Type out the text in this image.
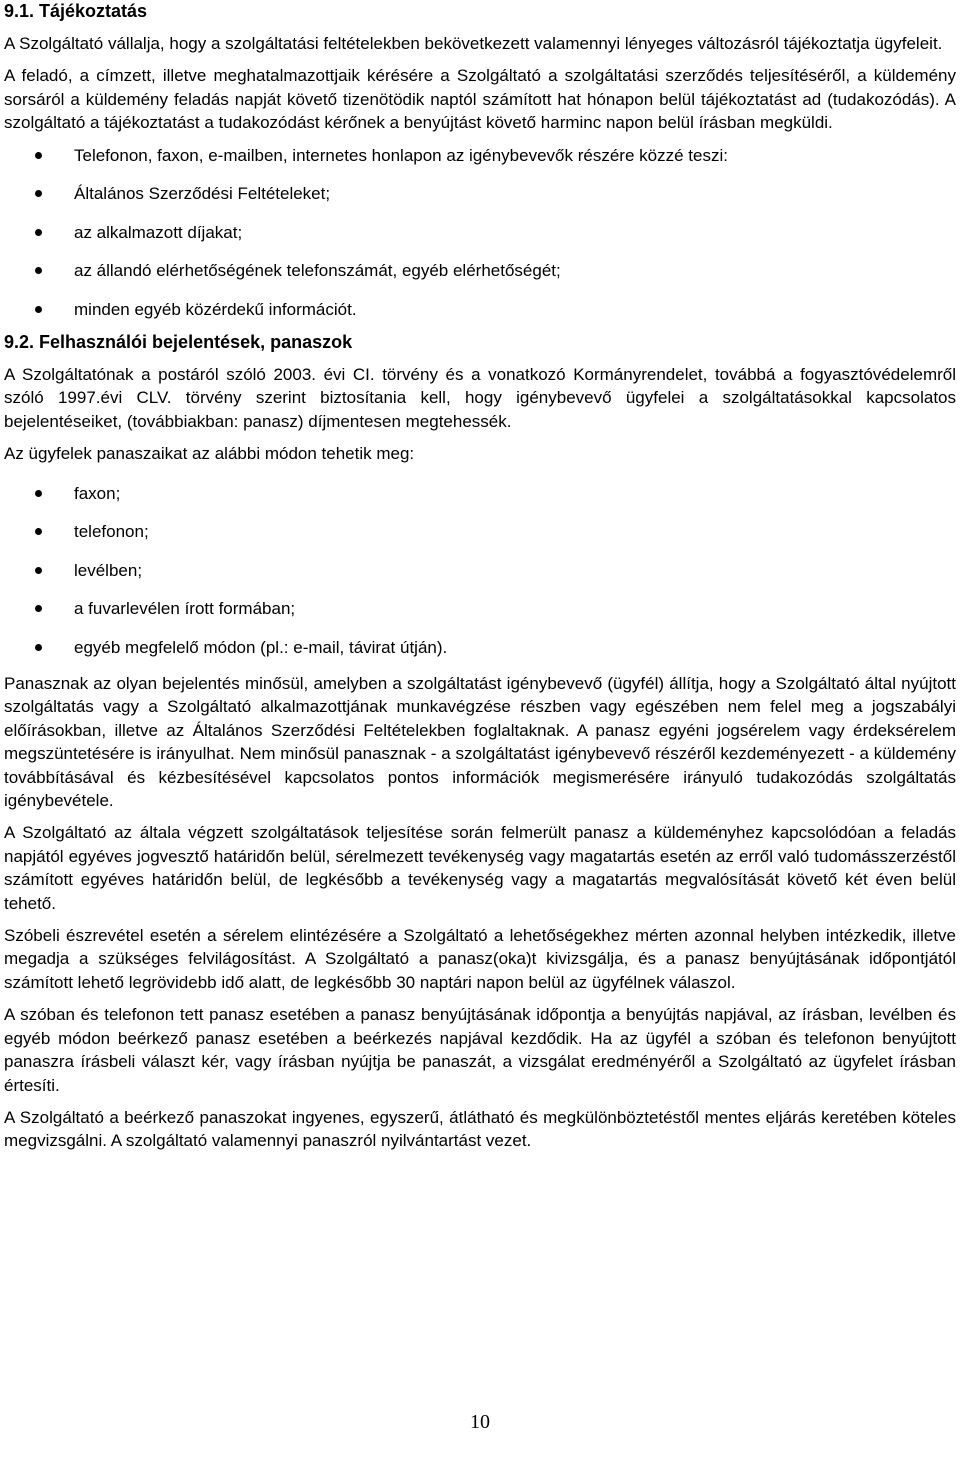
9.1. Tájékoztatás

A Szolgáltató vállalja, hogy a szolgáltatási feltételekben bekövetkezett valamennyi lényeges változásról tájékoztatja ügyfeleit.

A feladó, a címzett, illetve meghatalmazottjaik kérésére a Szolgáltató a szolgáltatási szerződés teljesítéséről, a küldemény sorsáról a küldemény feladás napját követő tizenötödik naptól számított hat hónapon belül tájékoztatást ad (tudakozódás). A szolgáltató a tájékoztatást a tudakozódást kérőnek a benyújtást követő harminc napon belül írásban megküldi.

Telefonon, faxon, e-mailben, internetes honlapon az igénybevevők részére közzé teszi:
Általános Szerződési Feltételeket;
az alkalmazott díjakat;
az állandó elérhetőségének telefonszámát, egyéb elérhetőségét;
minden egyéb közérdekű információt.
9.2. Felhasználói bejelentések, panaszok

A Szolgáltatónak a postáról szóló 2003. évi CI. törvény és a vonatkozó Kormányrendelet, továbbá a fogyasztóvédelemről szóló 1997.évi CLV. törvény szerint biztosítania kell, hogy igénybevevő ügyfelei a szolgáltatásokkal kapcsolatos bejelentéseiket, (továbbiakban: panasz) díjmentesen megtehessék.

Az ügyfelek panaszaikat az alábbi módon tehetik meg:

faxon;
telefonon;
levélben;
a fuvarlevélen írott formában;
egyéb megfelelő módon (pl.: e-mail, távirat útján).

Panasznak az olyan bejelentés minősül, amelyben a szolgáltatást igénybevevő (ügyfél) állítja, hogy a Szolgáltató által nyújtott szolgáltatás vagy a Szolgáltató alkalmazottjának munkavégzése részben vagy egészében nem felel meg a jogszabályi előírásokban, illetve az Általános Szerződési Feltételekben foglaltaknak. A panasz egyéni jogsérelem vagy érdeksérelem megszüntetésére is irányulhat. Nem minősül panasznak - a szolgáltatást igénybevevő részéről kezdeményezett - a küldemény továbbításával és kézbesítésével kapcsolatos pontos információk megismerésére irányuló tudakozódás szolgáltatás igénybevétele.

A Szolgáltató az általa végzett szolgáltatások teljesítése során felmerült panasz a küldeményhez kapcsolódóan a feladás napjától egyéves jogvesztő határidőn belül, sérelmezett tevékenység vagy magatartás esetén az erről való tudomásszerzéstől számított egyéves határidőn belül, de legkésőbb a tevékenység vagy a magatartás megvalósítását követő két éven belül tehető.

Szóbeli észrevétel esetén a sérelem elintézésére a Szolgáltató a lehetőségekhez mérten azonnal helyben intézkedik, illetve megadja a szükséges felvilágosítást. A Szolgáltató a panasz(oka)t kivizsgálja, és a panasz benyújtásának időpontjától számított lehető legrövidebb idő alatt, de legkésőbb 30 naptári napon belül az ügyfélnek válaszol.

A szóban és telefonon tett panasz esetében a panasz benyújtásának időpontja a benyújtás napjával, az írásban, levélben és egyéb módon beérkező panasz esetében a beérkezés napjával kezdődik. Ha az ügyfél a szóban és telefonon benyújtott panaszra írásbeli választ kér, vagy írásban nyújtja be panaszát, a vizsgálat eredményéről a Szolgáltató az ügyfelet írásban értesíti.

A Szolgáltató a beérkező panaszokat ingyenes, egyszerű, átlátható és megkülönböztetéstől mentes eljárás keretében köteles megvizsgálni. A szolgáltató valamennyi panaszról nyilvántartást vezet.

10
